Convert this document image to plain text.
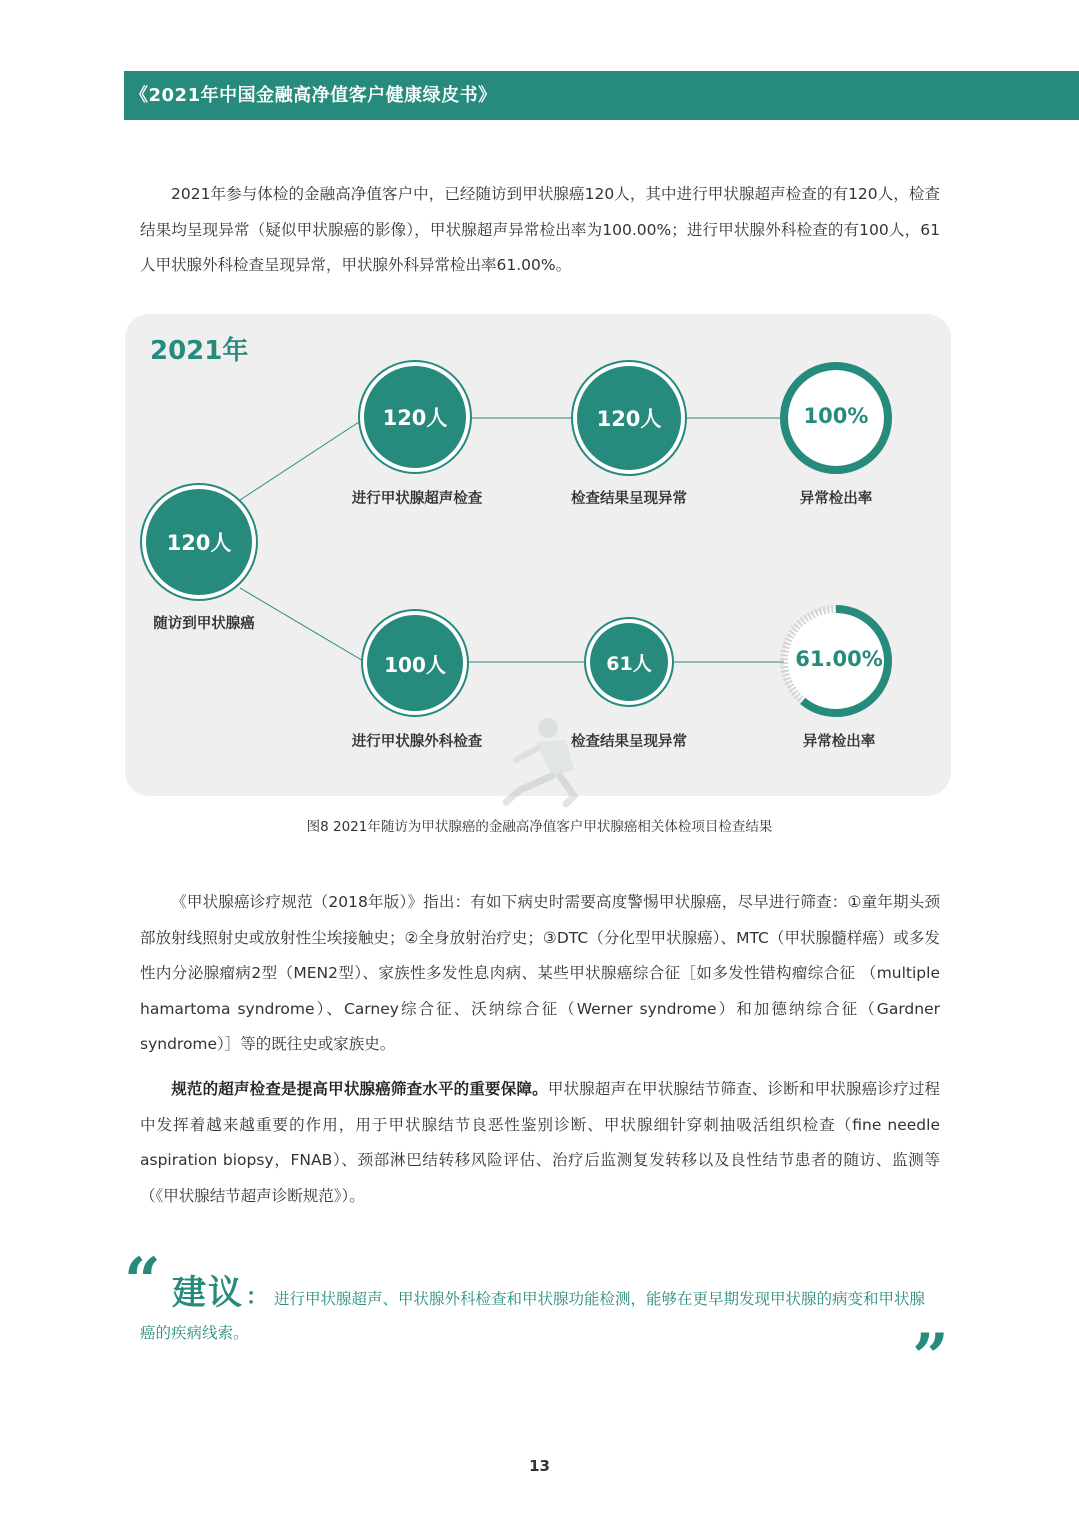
《2021年中国金融高净值客户健康绿皮书》

2021年参与体检的金融高净值客户中，已经随访到甲状腺癌120人，其中进行甲状腺超声检查的有120人，检查结果均呈现异常（疑似甲状腺癌的影像），甲状腺超声异常检出率为100.00%；进行甲状腺外科检查的有100人，61人甲状腺外科检查呈现异常，甲状腺外科异常检出率61.00%。

2021年
120人
随访到甲状腺癌
120人
进行甲状腺超声检查
120人
检查结果呈现异常
100%
异常检出率
100人
进行甲状腺外科检查
61人
检查结果呈现异常
61.00%
异常检出率
图8 2021年随访为甲状腺癌的金融高净值客户甲状腺癌相关体检项目检查结果

《甲状腺癌诊疗规范（2018年版）》指出：有如下病史时需要高度警惕甲状腺癌，尽早进行筛查：①童年期头颈部放射线照射史或放射性尘埃接触史；②全身放射治疗史；③DTC（分化型甲状腺癌）、MTC（甲状腺髓样癌）或多发性内分泌腺瘤病2型（MEN2型）、家族性多发性息肉病、某些甲状腺癌综合征［如多发性错构瘤综合征 （multiple hamartoma syndrome）、Carney综合征、沃纳综合征（Werner syndrome）和加德纳综合征（Gardner syndrome）］等的既往史或家族史。

规范的超声检查是提高甲状腺癌筛查水平的重要保障。甲状腺超声在甲状腺结节筛查、诊断和甲状腺癌诊疗过程中发挥着越来越重要的作用，用于甲状腺结节良恶性鉴别诊断、甲状腺细针穿刺抽吸活组织检查（fine needle aspiration biopsy，FNAB）、颈部淋巴结转移风险评估、治疗后监测复发转移以及良性结节患者的随访、监测等（《甲状腺结节超声诊断规范》）。

“ 建议： 进行甲状腺超声、甲状腺外科检查和甲状腺功能检测，能够在更早期发现甲状腺的病变和甲状腺癌的疾病线索。	”
13
